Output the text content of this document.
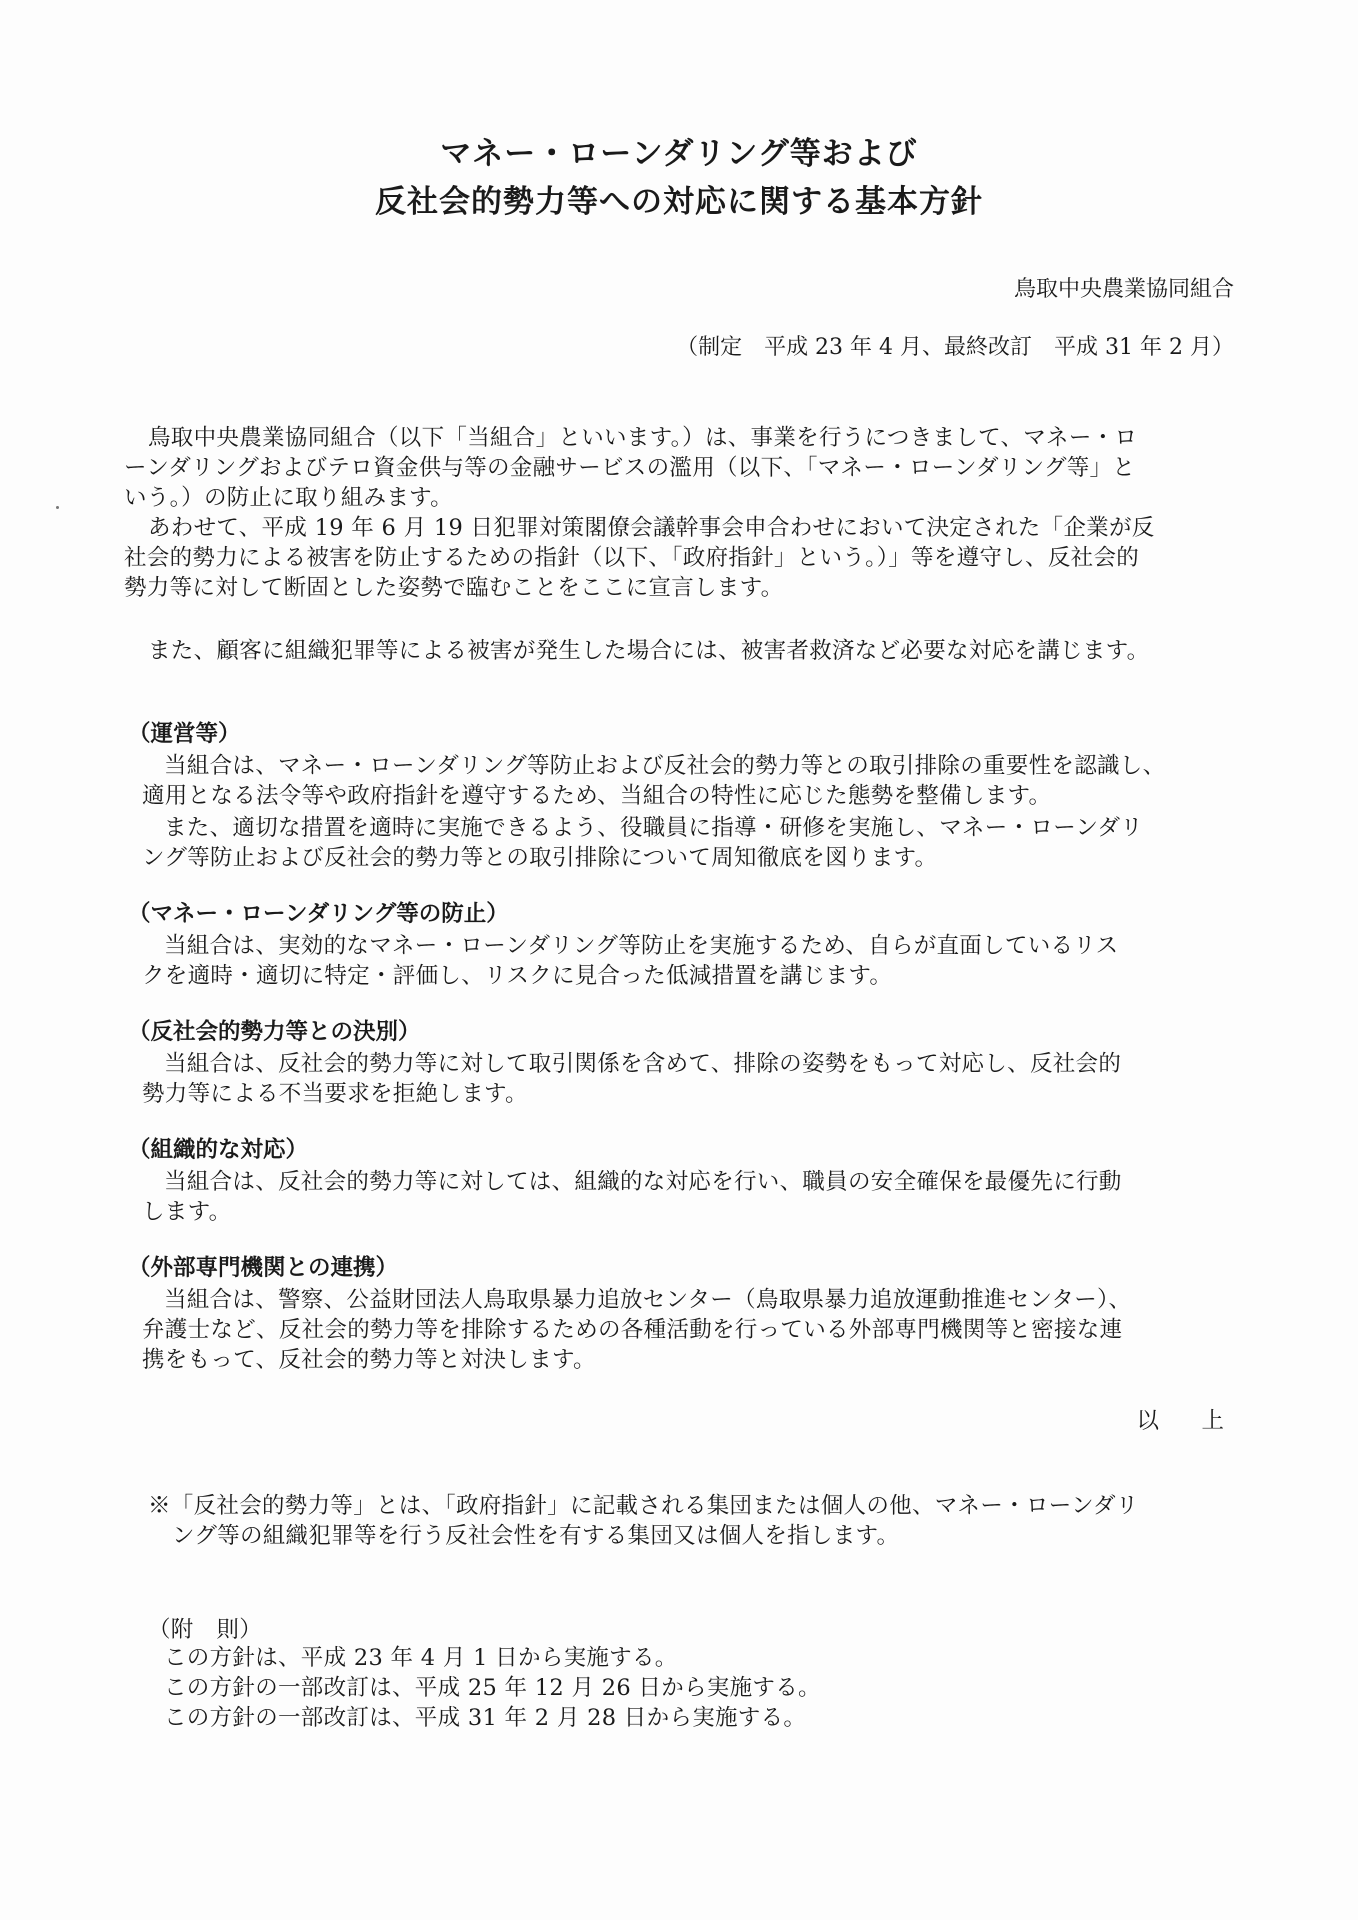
マネー・ローンダリング等および
反社会的勢力等への対応に関する基本方針
鳥取中央農業協同組合
（制定　平成 23 年 4 月、最終改訂　平成 31 年 2 月）
鳥取中央農業協同組合（以下「当組合」といいます。）は、事業を行うにつきまして、マネー・ロ
ーンダリングおよびテロ資金供与等の金融サービスの濫用（以下、「マネー・ローンダリング等」と
いう。）の防止に取り組みます。
あわせて、平成 19 年 6 月 19 日犯罪対策閣僚会議幹事会申合わせにおいて決定された「企業が反
社会的勢力による被害を防止するための指針（以下、「政府指針」という。）」等を遵守し、反社会的
勢力等に対して断固とした姿勢で臨むことをここに宣言します。
また、顧客に組織犯罪等による被害が発生した場合には、被害者救済など必要な対応を講じます。
（運営等）
当組合は、マネー・ローンダリング等防止および反社会的勢力等との取引排除の重要性を認識し、
適用となる法令等や政府指針を遵守するため、当組合の特性に応じた態勢を整備します。
また、適切な措置を適時に実施できるよう、役職員に指導・研修を実施し、マネー・ローンダリ
ング等防止および反社会的勢力等との取引排除について周知徹底を図ります。
（マネー・ローンダリング等の防止）
当組合は、実効的なマネー・ローンダリング等防止を実施するため、自らが直面しているリス
クを適時・適切に特定・評価し、リスクに見合った低減措置を講じます。
（反社会的勢力等との決別）
当組合は、反社会的勢力等に対して取引関係を含めて、排除の姿勢をもって対応し、反社会的
勢力等による不当要求を拒絶します。
（組織的な対応）
当組合は、反社会的勢力等に対しては、組織的な対応を行い、職員の安全確保を最優先に行動
します。
（外部専門機関との連携）
当組合は、警察、公益財団法人鳥取県暴力追放センター（鳥取県暴力追放運動推進センター）、
弁護士など、反社会的勢力等を排除するための各種活動を行っている外部専門機関等と密接な連
携をもって、反社会的勢力等と対決します。
以　上
※「反社会的勢力等」とは、「政府指針」に記載される集団または個人の他、マネー・ローンダリ
ング等の組織犯罪等を行う反社会性を有する集団又は個人を指します。
（附　則）
この方針は、平成 23 年 4 月 1 日から実施する。
この方針の一部改訂は、平成 25 年 12 月 26 日から実施する。
この方針の一部改訂は、平成 31 年 2 月 28 日から実施する。
